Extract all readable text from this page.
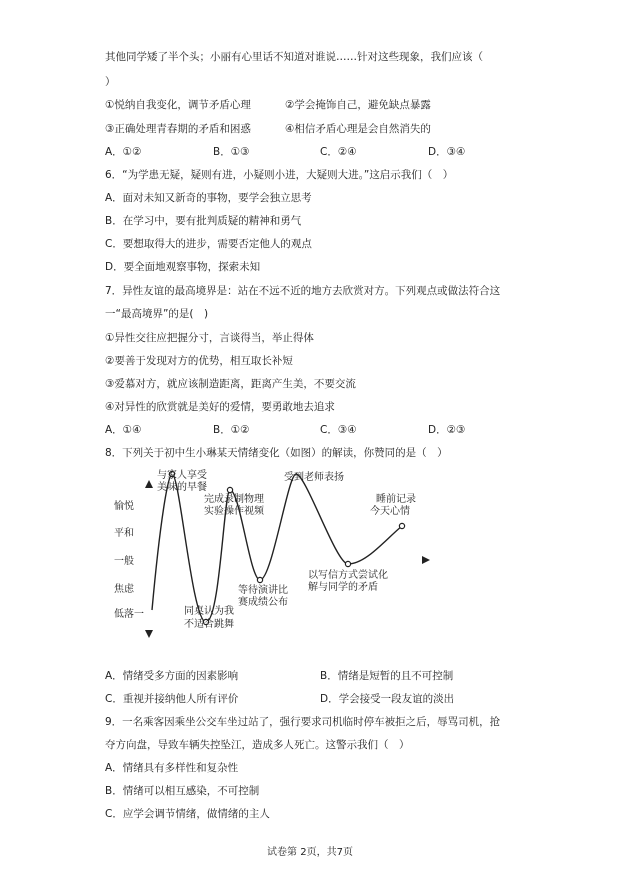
其他同学矮了半个头；小丽有心里话不知道对谁说……针对这些现象，我们应该（
）
①悦纳自我变化，调节矛盾心理	②学会掩饰自己，避免缺点暴露
③正确处理青春期的矛盾和困惑	④相信矛盾心理是会自然消失的
A．①②	B．①③	C．②④	D．③④
6．“为学患无疑，疑则有进，小疑则小进，大疑则大进。”这启示我们（　）
A．面对未知又新奇的事物，要学会独立思考
B．在学习中，要有批判质疑的精神和勇气
C．要想取得大的进步，需要否定他人的观点
D．要全面地观察事物，探索未知
7．异性友谊的最高境界是：站在不远不近的地方去欣赏对方。下列观点或做法符合这
一“最高境界”的是(　)
①异性交往应把握分寸，言谈得当，举止得体
②要善于发现对方的优势，相互取长补短
③爱慕对方，就应该制造距离，距离产生美，不要交流
④对异性的欣赏就是美好的爱情，要勇敢地去追求
A．①④	B．①②	C．③④	D．②③
8．下列关于初中生小琳某天情绪变化（如图）的解读，你赞同的是（　）
愉悦
平和
一般
焦虑
低落一
与家人享受
美味的早餐
完成录制物理
实验操作视频
受到老师表扬
睡前记录
今天心情
同桌认为我
不适合跳舞
等待演讲比
赛成绩公布
以写信方式尝试化
解与同学的矛盾
A．情绪受多方面的因素影响	B．情绪是短暂的且不可控制
C．重视并接纳他人所有评价	D．学会接受一段友谊的淡出
9．一名乘客因乘坐公交车坐过站了，强行要求司机临时停车被拒之后，辱骂司机，抢
夺方向盘，导致车辆失控坠江，造成多人死亡。这警示我们（　）
A．情绪具有多样性和复杂性
B．情绪可以相互感染，不可控制
C．应学会调节情绪，做情绪的主人
试卷第 2页，共7页
